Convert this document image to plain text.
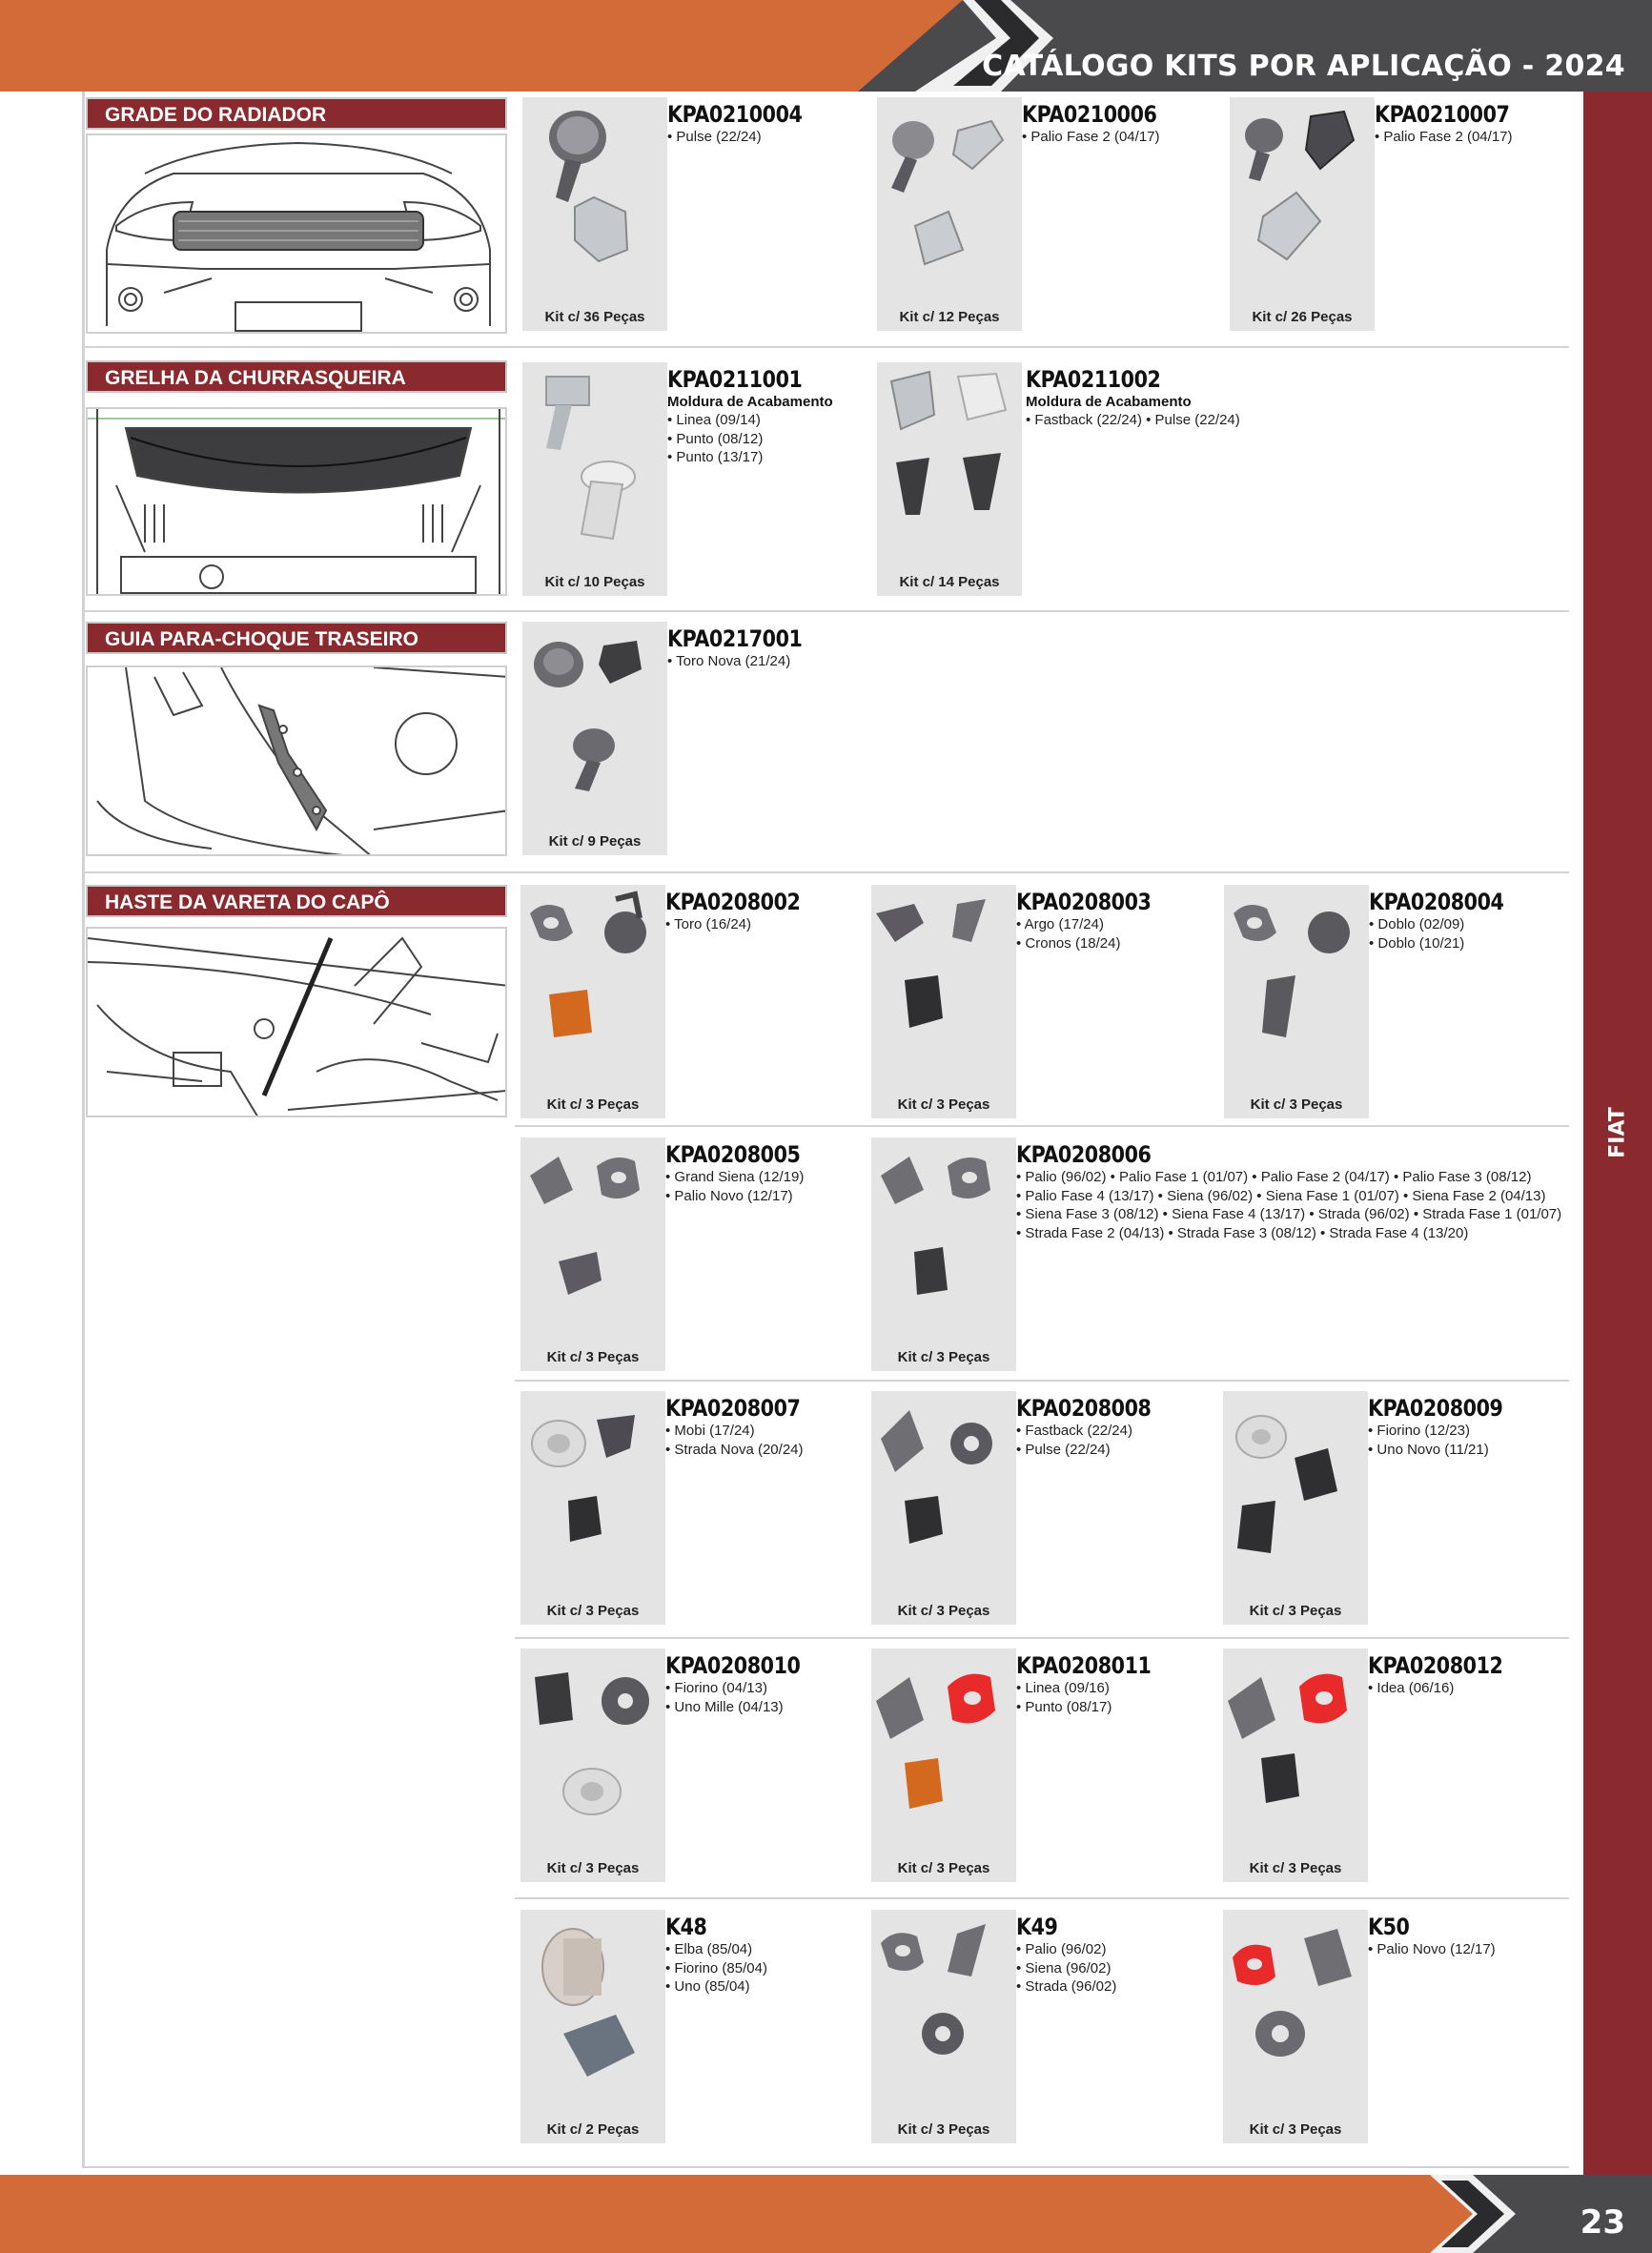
CATÁLOGO KITS POR APLICAÇÃO - 2024
FIAT
GRADE DO RADIADOR
GRELHA DA CHURRASQUEIRA
GUIA PARA-CHOQUE TRASEIRO
HASTE DA VARETA DO CAPÔ
Kit c/ 36 Peças
KPA0210004
• Pulse (22/24)
Kit c/ 12 Peças
KPA0210006
• Palio Fase 2 (04/17)
Kit c/ 26 Peças
KPA0210007
• Palio Fase 2 (04/17)
Kit c/ 10 Peças
KPA0211001
Moldura de Acabamento
• Linea (09/14)
• Punto (08/12)
• Punto (13/17)
Kit c/ 14 Peças
KPA0211002
Moldura de Acabamento
• Fastback (22/24) • Pulse (22/24)
Kit c/ 9 Peças
KPA0217001
• Toro Nova (21/24)
Kit c/ 3 Peças
KPA0208002
• Toro (16/24)
Kit c/ 3 Peças
KPA0208003
• Argo (17/24)
• Cronos (18/24)
Kit c/ 3 Peças
KPA0208004
• Doblo (02/09)
• Doblo (10/21)
Kit c/ 3 Peças
KPA0208005
• Grand Siena (12/19)
• Palio Novo (12/17)
Kit c/ 3 Peças
KPA0208006
• Palio (96/02) • Palio Fase 1 (01/07) • Palio Fase 2 (04/17) • Palio Fase 3 (08/12)
• Palio Fase 4 (13/17) • Siena (96/02) • Siena Fase 1 (01/07) • Siena Fase 2 (04/13)
• Siena Fase 3 (08/12) • Siena Fase 4 (13/17) • Strada (96/02) • Strada Fase 1 (01/07)
• Strada Fase 2 (04/13) • Strada Fase 3 (08/12) • Strada Fase 4 (13/20)
Kit c/ 3 Peças
KPA0208007
• Mobi (17/24)
• Strada Nova (20/24)
Kit c/ 3 Peças
KPA0208008
• Fastback (22/24)
• Pulse (22/24)
Kit c/ 3 Peças
KPA0208009
• Fiorino (12/23)
• Uno Novo (11/21)
Kit c/ 3 Peças
KPA0208010
• Fiorino (04/13)
• Uno Mille (04/13)
Kit c/ 3 Peças
KPA0208011
• Linea (09/16)
• Punto (08/17)
Kit c/ 3 Peças
KPA0208012
• Idea (06/16)
Kit c/ 2 Peças
K48
• Elba (85/04)
• Fiorino (85/04)
• Uno (85/04)
Kit c/ 3 Peças
K49
• Palio (96/02)
• Siena (96/02)
• Strada (96/02)
Kit c/ 3 Peças
K50
• Palio Novo (12/17)
23
